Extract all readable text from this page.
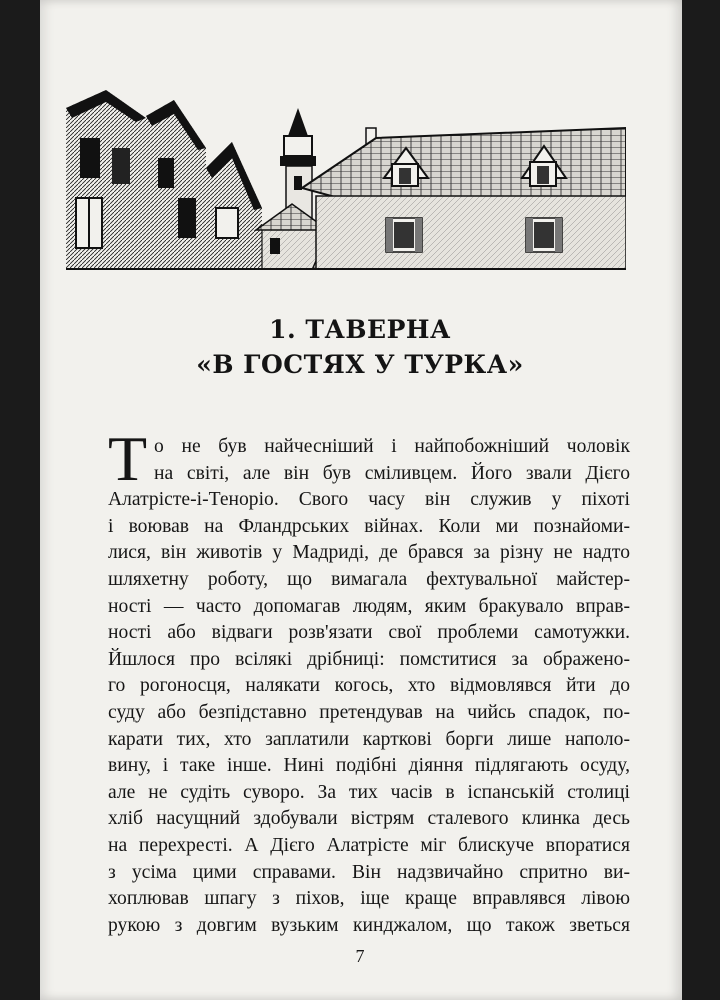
1. ТАВЕРНА
«В ГОСТЯХ У ТУРКА»
Т о не був найчесніший і найпобожніший чоловік
на світі, але він був сміливцем. Його звали Дієго
Алатрісте-і-Теноріо. Свого часу він служив у піхоті
і воював на Фландрських війнах. Коли ми познайоми-
лися, він животів у Мадриді, де брався за різну не надто
шляхетну роботу, що вимагала фехтувальної майстер-
ності — часто допомагав людям, яким бракувало вправ-
ності або відваги розв'язати свої проблеми самотужки.
Йшлося про всілякі дрібниці: помститися за ображено-
го рогоносця, налякати когось, хто відмовлявся йти до
суду або безпідставно претендував на чийсь спадок, по-
карати тих, хто заплатили карткові борги лише наполо-
вину, і таке інше. Нині подібні діяння підлягають осуду,
але не судіть суворо. За тих часів в іспанській столиці
хліб насущний здобували вістрям сталевого клинка десь
на перехресті. А Дієго Алатрісте міг блискуче впоратися
з усіма цими справами. Він надзвичайно спритно ви-
хоплював шпагу з піхов, іще краще вправлявся лівою
рукою з довгим вузьким кинджалом, що також зветься
7
